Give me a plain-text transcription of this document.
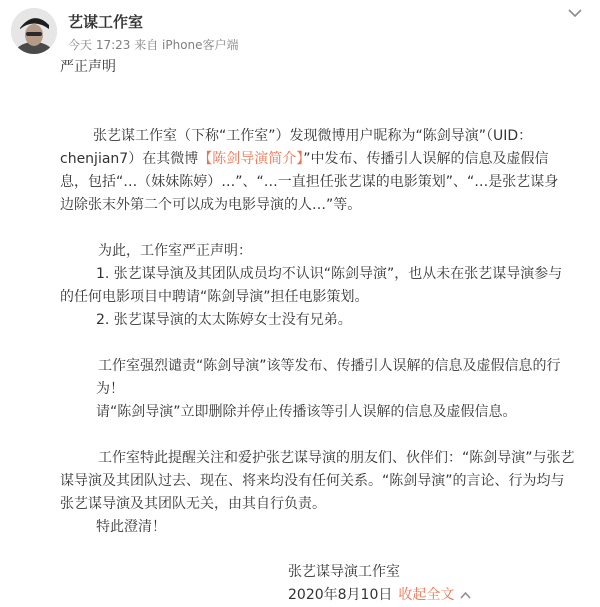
艺谋工作室
今天 17:23 来自 iPhone客户端

严正声明

张艺谋工作室（下称“工作室”）发现微博用户昵称为“陈剑导演”（UID：

chenjian7）在其微博【陈剑导演简介】”中发布、传播引人误解的信息及虚假信

息，包括“…（妹妹陈婷）…”、“…一直担任张艺谋的电影策划”、“…是张艺谋身

边除张末外第二个可以成为电影导演的人…”等。

为此，工作室严正声明：

1. 张艺谋导演及其团队成员均不认识“陈剑导演”，也从未在张艺谋导演参与

的任何电影项目中聘请“陈剑导演”担任电影策划。

2. 张艺谋导演的太太陈婷女士没有兄弟。

工作室强烈谴责“陈剑导演”该等发布、传播引人误解的信息及虚假信息的行

为！

请“陈剑导演”立即删除并停止传播该等引人误解的信息及虚假信息。

工作室特此提醒关注和爱护张艺谋导演的朋友们、伙伴们：“陈剑导演”与张艺

谋导演及其团队过去、现在、将来均没有任何关系。“陈剑导演”的言论、行为均与

张艺谋导演及其团队无关，由其自行负责。

特此澄清！

张艺谋导演工作室

2020年8月10日 收起全文
